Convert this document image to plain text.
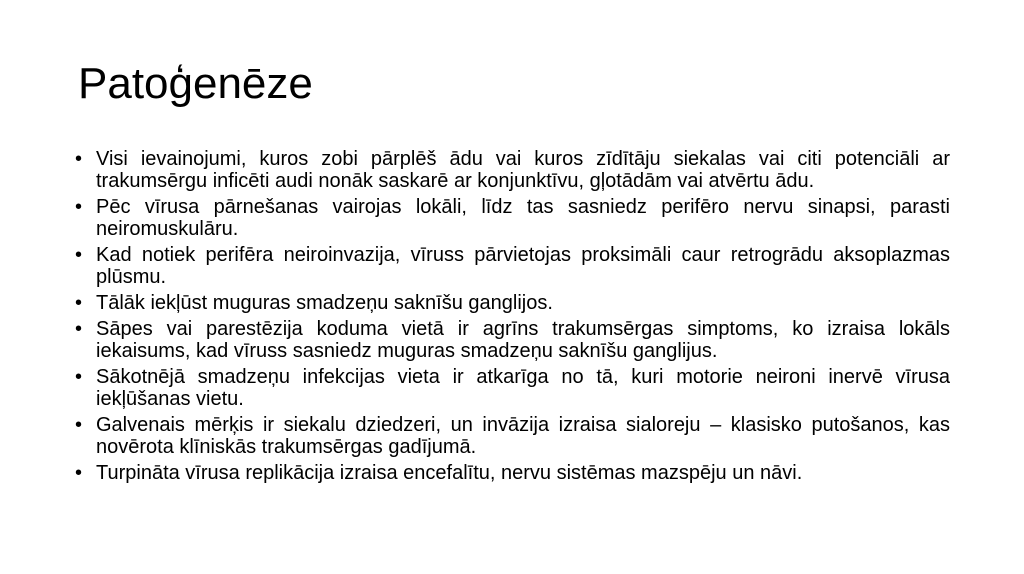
Patoģenēze
• Visi ievainojumi, kuros zobi pārplēš ādu vai kuros zīdītāju siekalas vai citi potenciāli ar trakumsērgu inficēti audi nonāk saskarē ar konjunktīvu, gļotādām vai atvērtu ādu.
• Pēc vīrusa pārnešanas vairojas lokāli, līdz tas sasniedz perifēro nervu sinapsi, parasti neiromuskulāru.
• Kad notiek perifēra neiroinvazija, vīruss pārvietojas proksimāli caur retrogrādu aksoplazmas plūsmu.
• Tālāk iekļūst muguras smadzeņu saknīšu ganglijos.
• Sāpes vai parestēzija koduma vietā ir agrīns trakumsērgas simptoms, ko izraisa lokāls iekaisums, kad vīruss sasniedz muguras smadzeņu saknīšu ganglijus.
• Sākotnējā smadzeņu infekcijas vieta ir atkarīga no tā, kuri motorie neironi inervē vīrusa iekļūšanas vietu.
• Galvenais mērķis ir siekalu dziedzeri, un invāzija izraisa sialoreju – klasisko putošanos, kas novērota klīniskās trakumsērgas gadījumā.
• Turpināta vīrusa replikācija izraisa encefalītu, nervu sistēmas mazspēju un nāvi.
